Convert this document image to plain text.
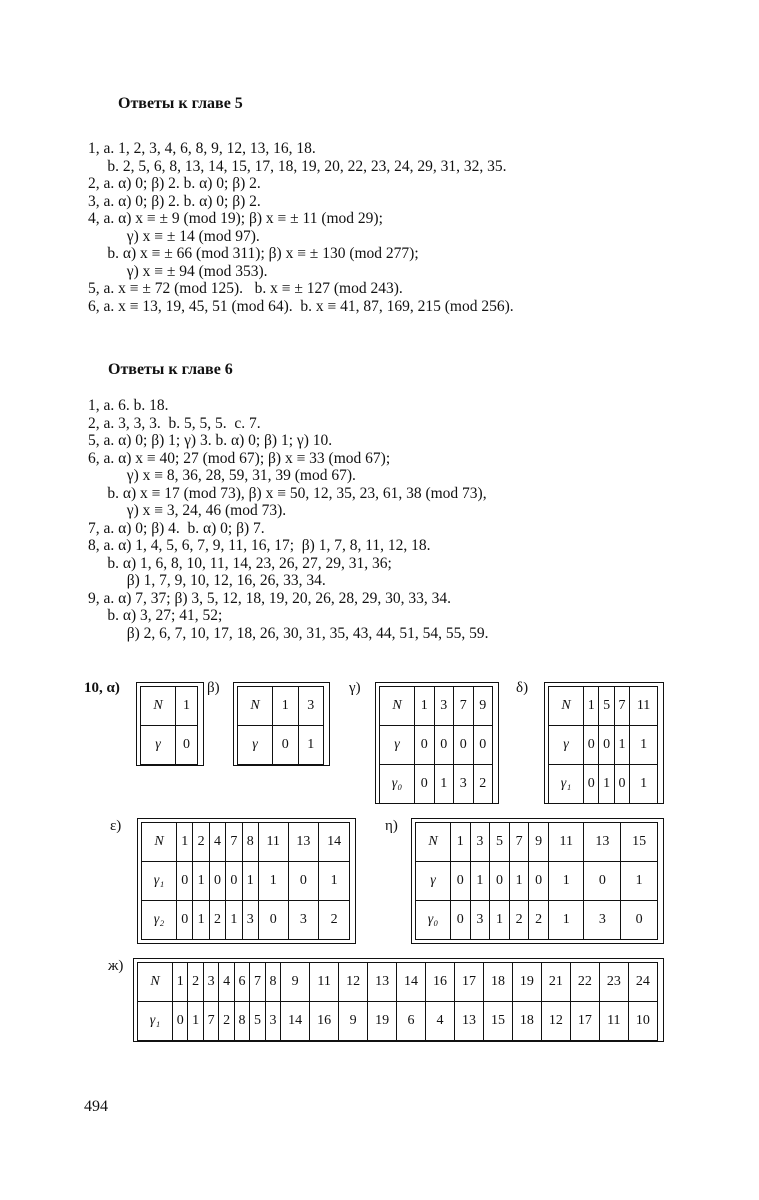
Ответы к главе 5
1, a. 1, 2, 3, 4, 6, 8, 9, 12, 13, 16, 18.
b. 2, 5, 6, 8, 13, 14, 15, 17, 18, 19, 20, 22, 23, 24, 29, 31, 32, 35.
2, a. α) 0; β) 2. b. α) 0; β) 2.
3, a. α) 0; β) 2. b. α) 0; β) 2.
4, a. α) x ≡ ± 9 (mod 19); β) x ≡ ± 11 (mod 29);
γ) x ≡ ± 14 (mod 97).
b. α) x ≡ ± 66 (mod 311); β) x ≡ ± 130 (mod 277);
γ) x ≡ ± 94 (mod 353).
5, a. x ≡ ± 72 (mod 125).   b. x ≡ ± 127 (mod 243).
6, a. x ≡ 13, 19, 45, 51 (mod 64).  b. x ≡ 41, 87, 169, 215 (mod 256).
Ответы к главе 6
1, a. 6. b. 18.
2, a. 3, 3, 3.  b. 5, 5, 5.  c. 7.
5, a. α) 0; β) 1; γ) 3. b. α) 0; β) 1; γ) 10.
6, a. α) x ≡ 40; 27 (mod 67); β) x ≡ 33 (mod 67);
γ) x ≡ 8, 36, 28, 59, 31, 39 (mod 67).
b. α) x ≡ 17 (mod 73), β) x ≡ 50, 12, 35, 23, 61, 38 (mod 73),
γ) x ≡ 3, 24, 46 (mod 73).
7, a. α) 0; β) 4.  b. α) 0; β) 7.
8, a. α) 1, 4, 5, 6, 7, 9, 11, 16, 17;  β) 1, 7, 8, 11, 12, 18.
b. α) 1, 6, 8, 10, 11, 14, 23, 26, 27, 29, 31, 36;
β) 1, 7, 9, 10, 12, 16, 26, 33, 34.
9, a. α) 7, 37; β) 3, 5, 12, 18, 19, 20, 26, 28, 29, 30, 33, 34.
b. α) 3, 27; 41, 52;
β) 2, 6, 7, 10, 17, 18, 26, 30, 31, 35, 43, 44, 51, 54, 55, 59.
10, α)	β)	γ)	δ)
ε)	η)
ж)
N	1
γ	0
N	1	3
γ	0	1
N	1	3	7	9
γ	0	0	0	0
γ₀	0	1	3	2
N	1	5	7	11
γ	0	0	1	1
γ₁	0	1	0	1
N	1	2	4	7	8	11	13	14
γ₁	0	1	0	0	1	1	0	1
γ₂	0	1	2	1	3	0	3	2
N	1	3	5	7	9	11	13	15
γ	0	1	0	1	0	1	0	1
γ₀	0	3	1	2	2	1	3	0
N	1	2	3	4	6	7	8	9	11	12	13	14	16	17	18	19	21	22	23	24
γ₁	0	1	7	2	8	5	3	14	16	9	19	6	4	13	15	18	12	17	11	10
494
